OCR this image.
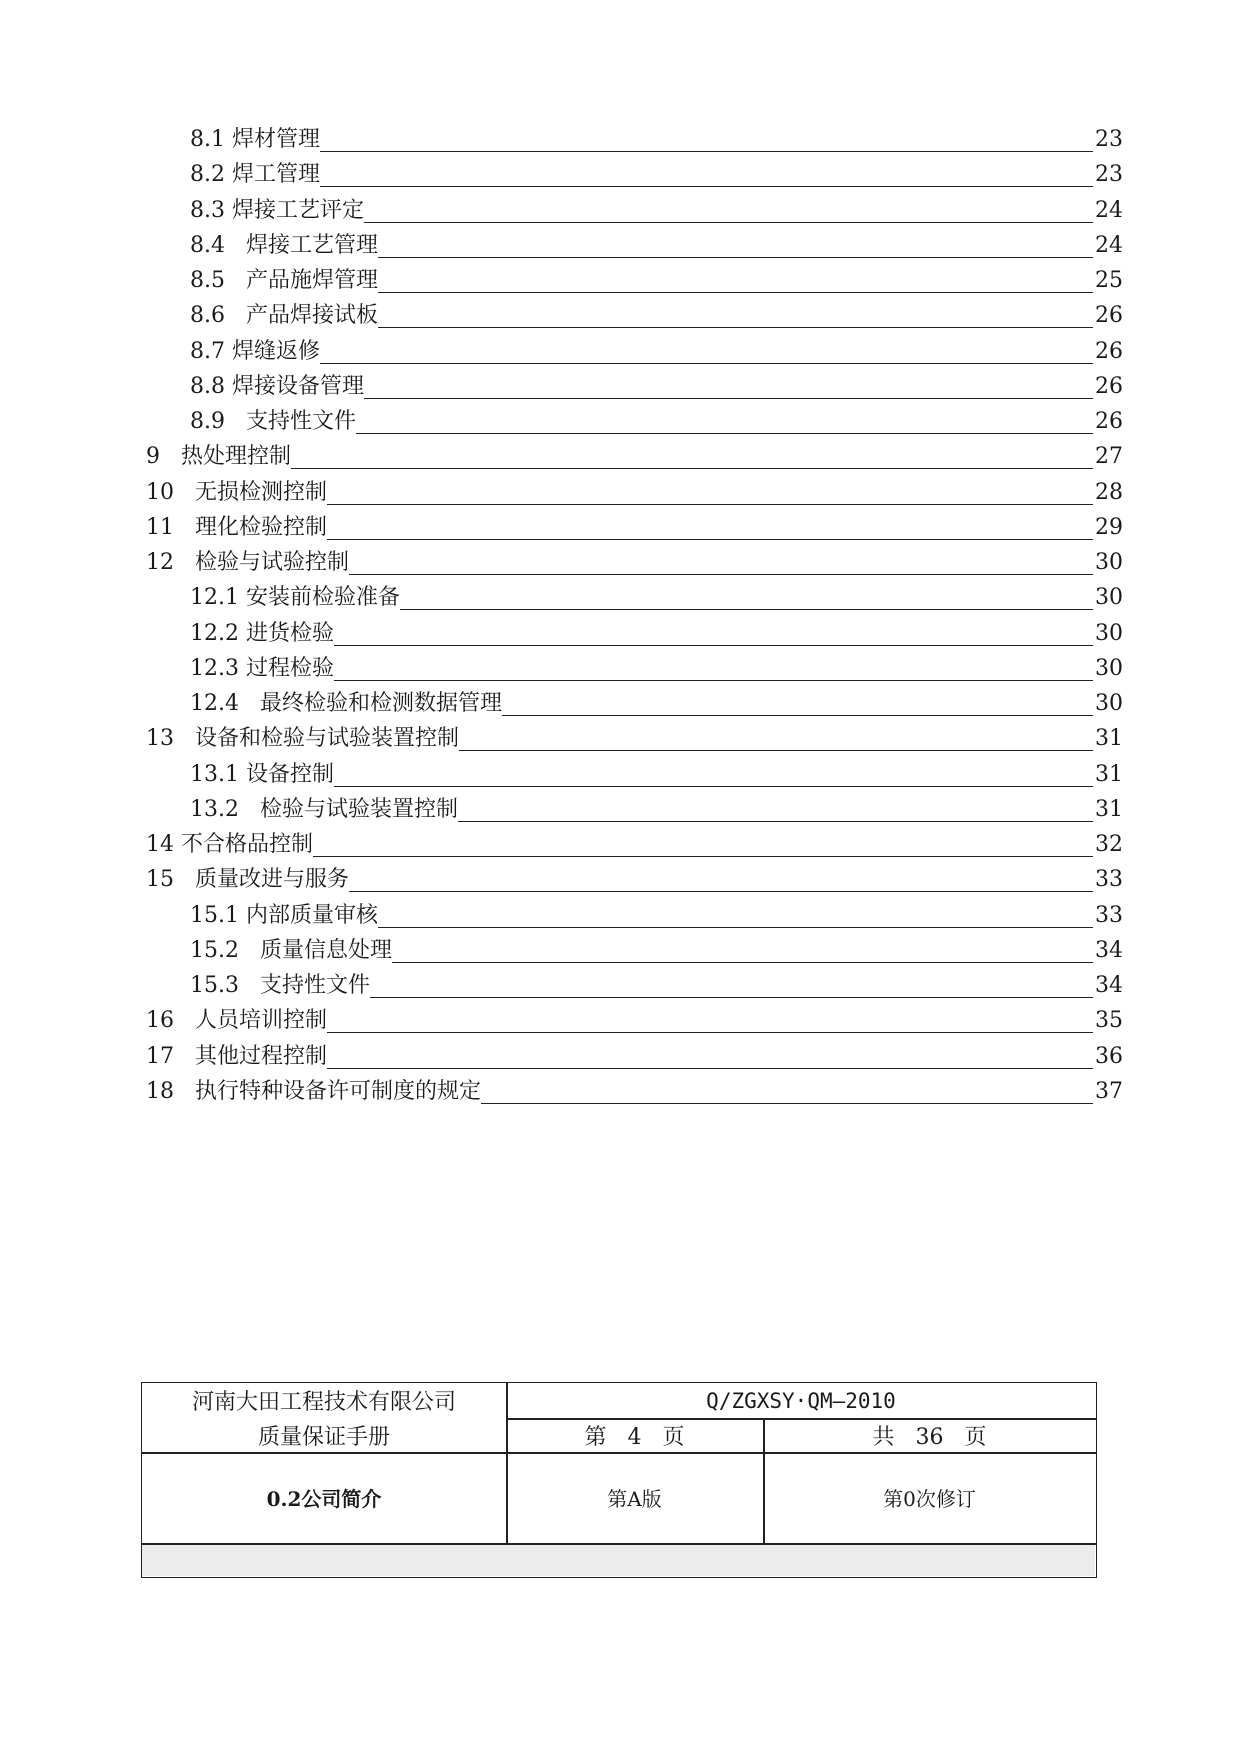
8.1 焊材管理	23
8.2 焊工管理	23
8.3 焊接工艺评定	24
8.4   焊接工艺管理	24
8.5   产品施焊管理	25
8.6   产品焊接试板	26
8.7 焊缝返修	26
8.8 焊接设备管理	26
8.9   支持性文件	26
9   热处理控制	27
10   无损检测控制	28
11   理化检验控制	29
12   检验与试验控制	30
12.1 安装前检验准备	30
12.2 进货检验	30
12.3 过程检验	30
12.4   最终检验和检测数据管理	30
13   设备和检验与试验装置控制	31
13.1 设备控制	31
13.2   检验与试验装置控制	31
14 不合格品控制	32
15   质量改进与服务	33
15.1 内部质量审核	33
15.2   质量信息处理	34
15.3   支持性文件	34
16   人员培训控制	35
17   其他过程控制	36
18   执行特种设备许可制度的规定	37
河南大田工程技术有限公司
质量保证手册
Q/ZGXSY·QM—2010
第   4   页	共   36   页
0.2公司简介	第A版	第0次修订
